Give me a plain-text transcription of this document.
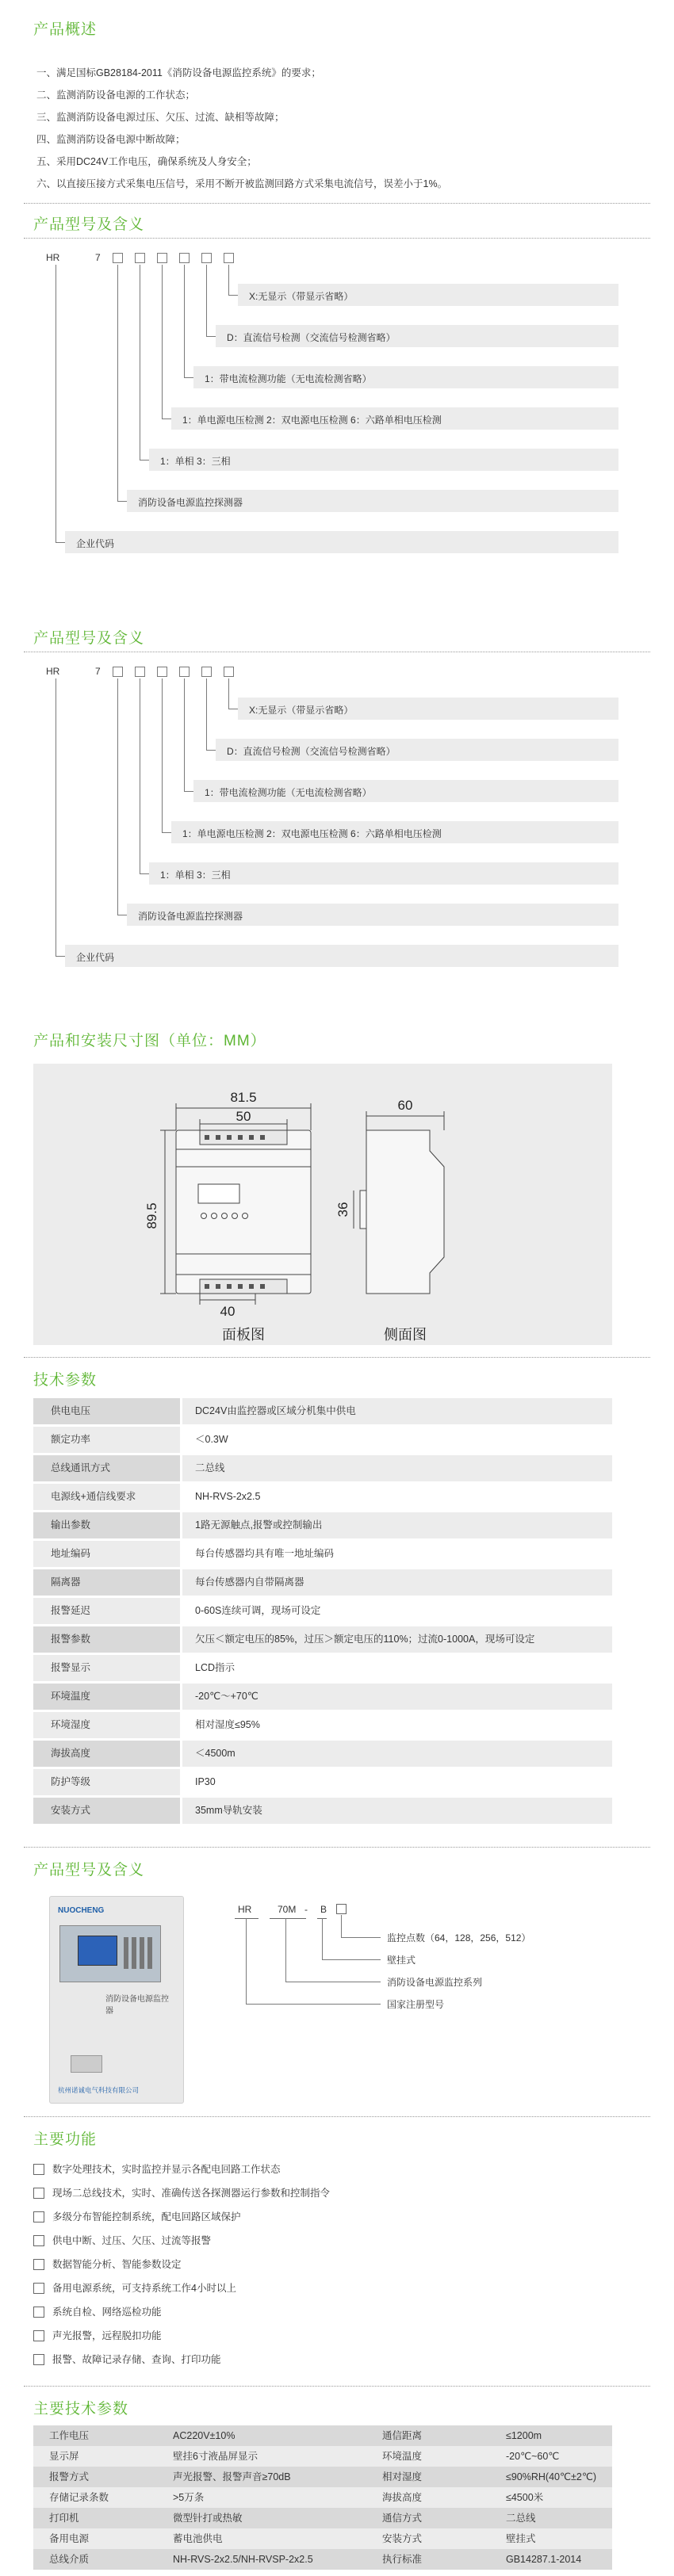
产品概述
一、满足国标GB28184-2011《消防设备电源监控系统》的要求；
二、监测消防设备电源的工作状态；
三、监测消防设备电源过压、欠压、过流、缺相等故障；
四、监测消防设备电源中断故障；
五、采用DC24V工作电压，确保系统及人身安全；
六、以直接压接方式采集电压信号，采用不断开被监测回路方式采集电流信号，误差小于1%。
产品型号及含义
HR	7
X:无显示（带显示省略）
D：直流信号检测（交流信号检测省略）
1：带电流检测功能（无电流检测省略）
1：单电源电压检测 2：双电源电压检测 6：六路单相电压检测
1：单相 3：三相
消防设备电源监控探测器
企业代码
产品型号及含义
HR	7
X:无显示（带显示省略）
D：直流信号检测（交流信号检测省略）
1：带电流检测功能（无电流检测省略）
1：单电源电压检测 2：双电源电压检测 6：六路单相电压检测
1：单相 3：三相
消防设备电源监控探测器
企业代码
产品和安装尺寸图（单位：MM）
81.5
50
89.5
40
面板图
60
36
侧面图
技术参数
供电电压	DC24V由监控器或区域分机集中供电
额定功率	＜0.3W
总线通讯方式	二总线
电源线+通信线要求	NH-RVS-2x2.5
输出参数	1路无源触点,报警或控制输出
地址编码	每台传感器均具有唯一地址编码
隔离器	每台传感器内自带隔离器
报警延迟	0-60S连续可调，现场可设定
报警参数	欠压＜额定电压的85%，过压＞额定电压的110%；过流0-1000A，现场可设定
报警显示	LCD指示
环境温度	-20℃～+70℃
环境湿度	相对湿度≤95%
海拔高度	＜4500m
防护等级	IP30
安装方式	35mm导轨安装
产品型号及含义
NUOCHENG
消防设备电源监控器
杭州诺诚电气科技有限公司
HR	70M - B
监控点数（64，128，256，512）
壁挂式
消防设备电源监控系列
国家注册型号
主要功能
数字处理技术，实时监控并显示各配电回路工作状态
现场二总线技术，实时、准确传送各探测器运行参数和控制指令
多级分布智能控制系统，配电回路区域保护
供电中断、过压、欠压、过流等报警
数据智能分析、智能参数设定
备用电源系统，可支持系统工作4小时以上
系统自检、网络巡检功能
声光报警，远程脱扣功能
报警、故障记录存储、查询、打印功能
主要技术参数
工作电压	AC220V±10%	通信距离	≤1200m
显示屏	壁挂6寸液晶屏显示	环境温度	-20℃~60℃
报警方式	声光报警、报警声音≥70dB	相对湿度	≤90%RH(40℃±2℃)
存储记录条数	>5万条	海拔高度	≤4500米
打印机	微型针打或热敏	通信方式	二总线
备用电源	蓄电池供电	安装方式	壁挂式
总线介质	NH-RVS-2x2.5/NH-RVSP-2x2.5	执行标准	GB14287.1-2014
